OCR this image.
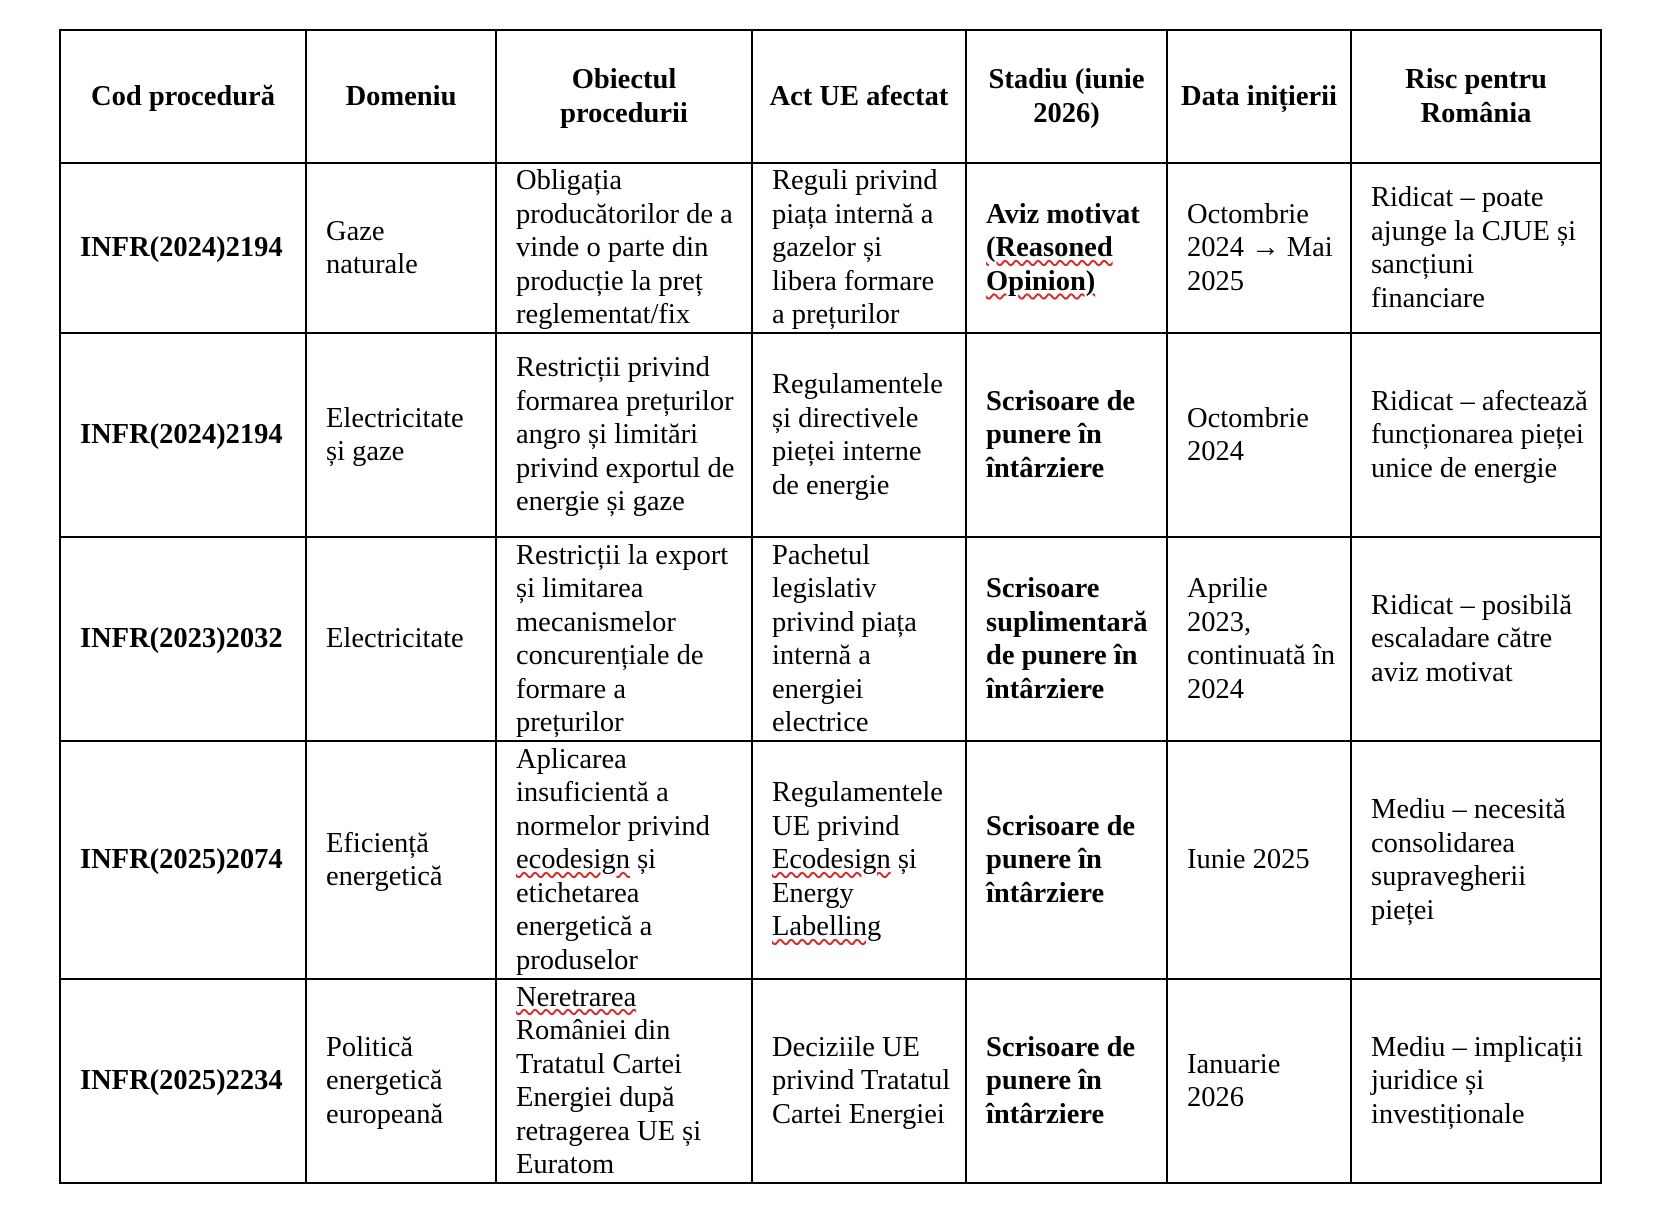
Cod procedură	Domeniu	Obiectul procedurii	Act UE afectat	Stadiu (iunie 2026)	Data inițierii	Risc pentru România
INFR(2024)2194	Gaze naturale	Obligația producătorilor de a vinde o parte din producție la preț reglementat/fix	Reguli privind piața internă a gazelor și libera formare a prețurilor	Aviz motivat (Reasoned Opinion)	Octombrie 2024 → Mai 2025	Ridicat – poate ajunge la CJUE și sancțiuni financiare
INFR(2024)2194	Electricitate și gaze	Restricții privind formarea prețurilor angro și limitări privind exportul de energie și gaze	Regulamentele și directivele pieței interne de energie	Scrisoare de punere în întârziere	Octombrie 2024	Ridicat – afectează funcționarea pieței unice de energie
INFR(2023)2032	Electricitate	Restricții la export și limitarea mecanismelor concurențiale de formare a prețurilor	Pachetul legislativ privind piața internă a energiei electrice	Scrisoare suplimentară de punere în întârziere	Aprilie 2023, continuată în 2024	Ridicat – posibilă escaladare către aviz motivat
INFR(2025)2074	Eficiență energetică	Aplicarea insuficientă a normelor privind ecodesign și etichetarea energetică a produselor	Regulamentele UE privind Ecodesign și Energy Labelling	Scrisoare de punere în întârziere	Iunie 2025	Mediu – necesită consolidarea supravegherii pieței
INFR(2025)2234	Politică energetică europeană	Neretrarea României din Tratatul Cartei Energiei după retragerea UE și Euratom	Deciziile UE privind Tratatul Cartei Energiei	Scrisoare de punere în întârziere	Ianuarie 2026	Mediu – implicații juridice și investiționale
